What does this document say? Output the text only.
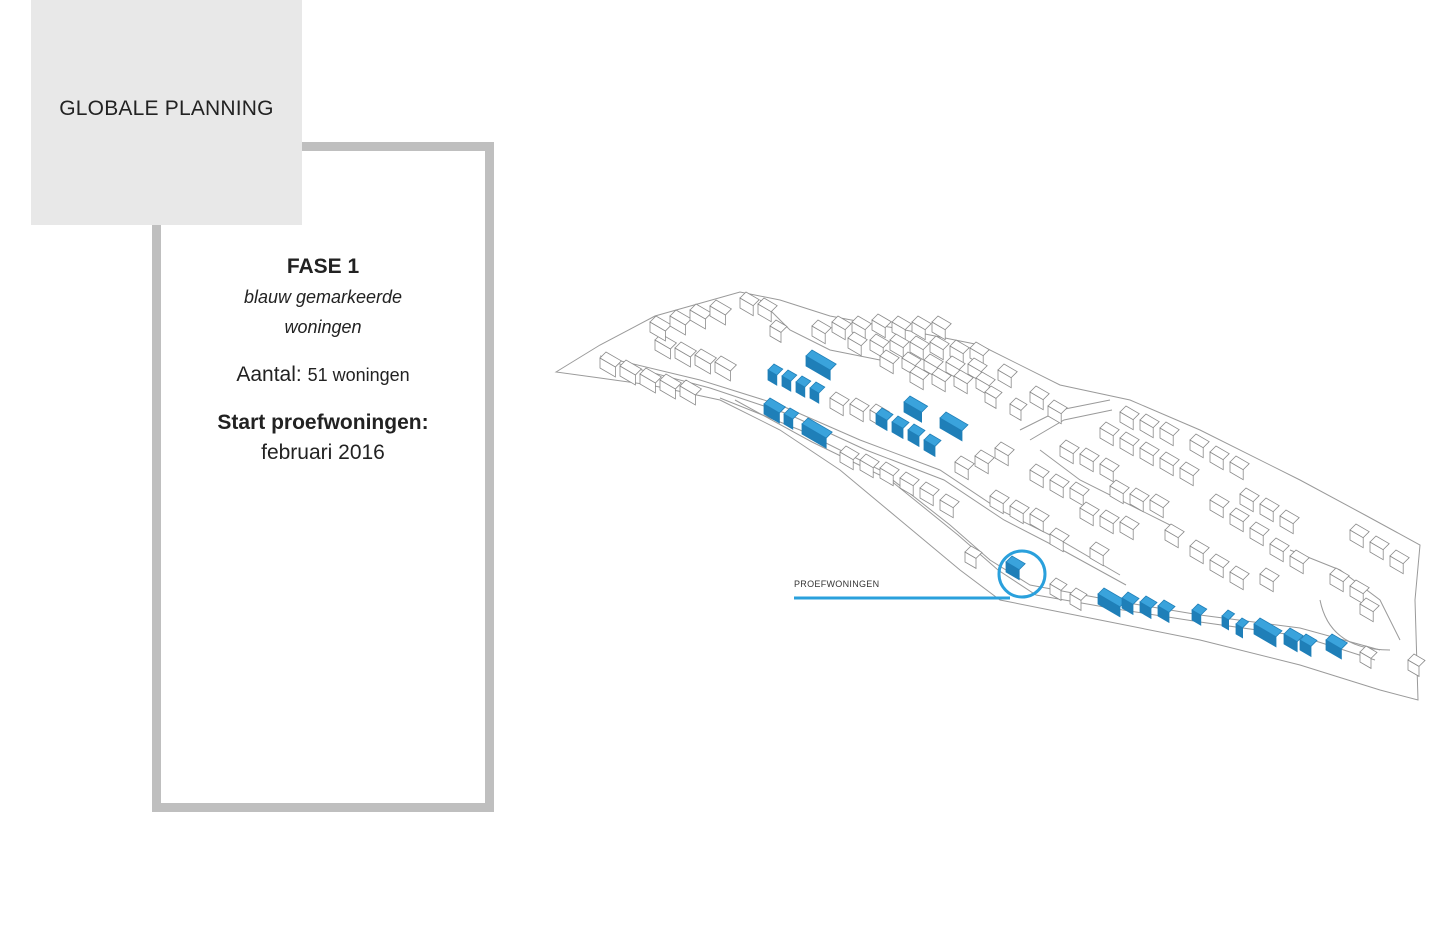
GLOBALE PLANNING
FASE 1
blauw gemarkeerde woningen
Aantal: 51 woningen
Start proefwoningen:
februari 2016
PROEFWONINGEN
